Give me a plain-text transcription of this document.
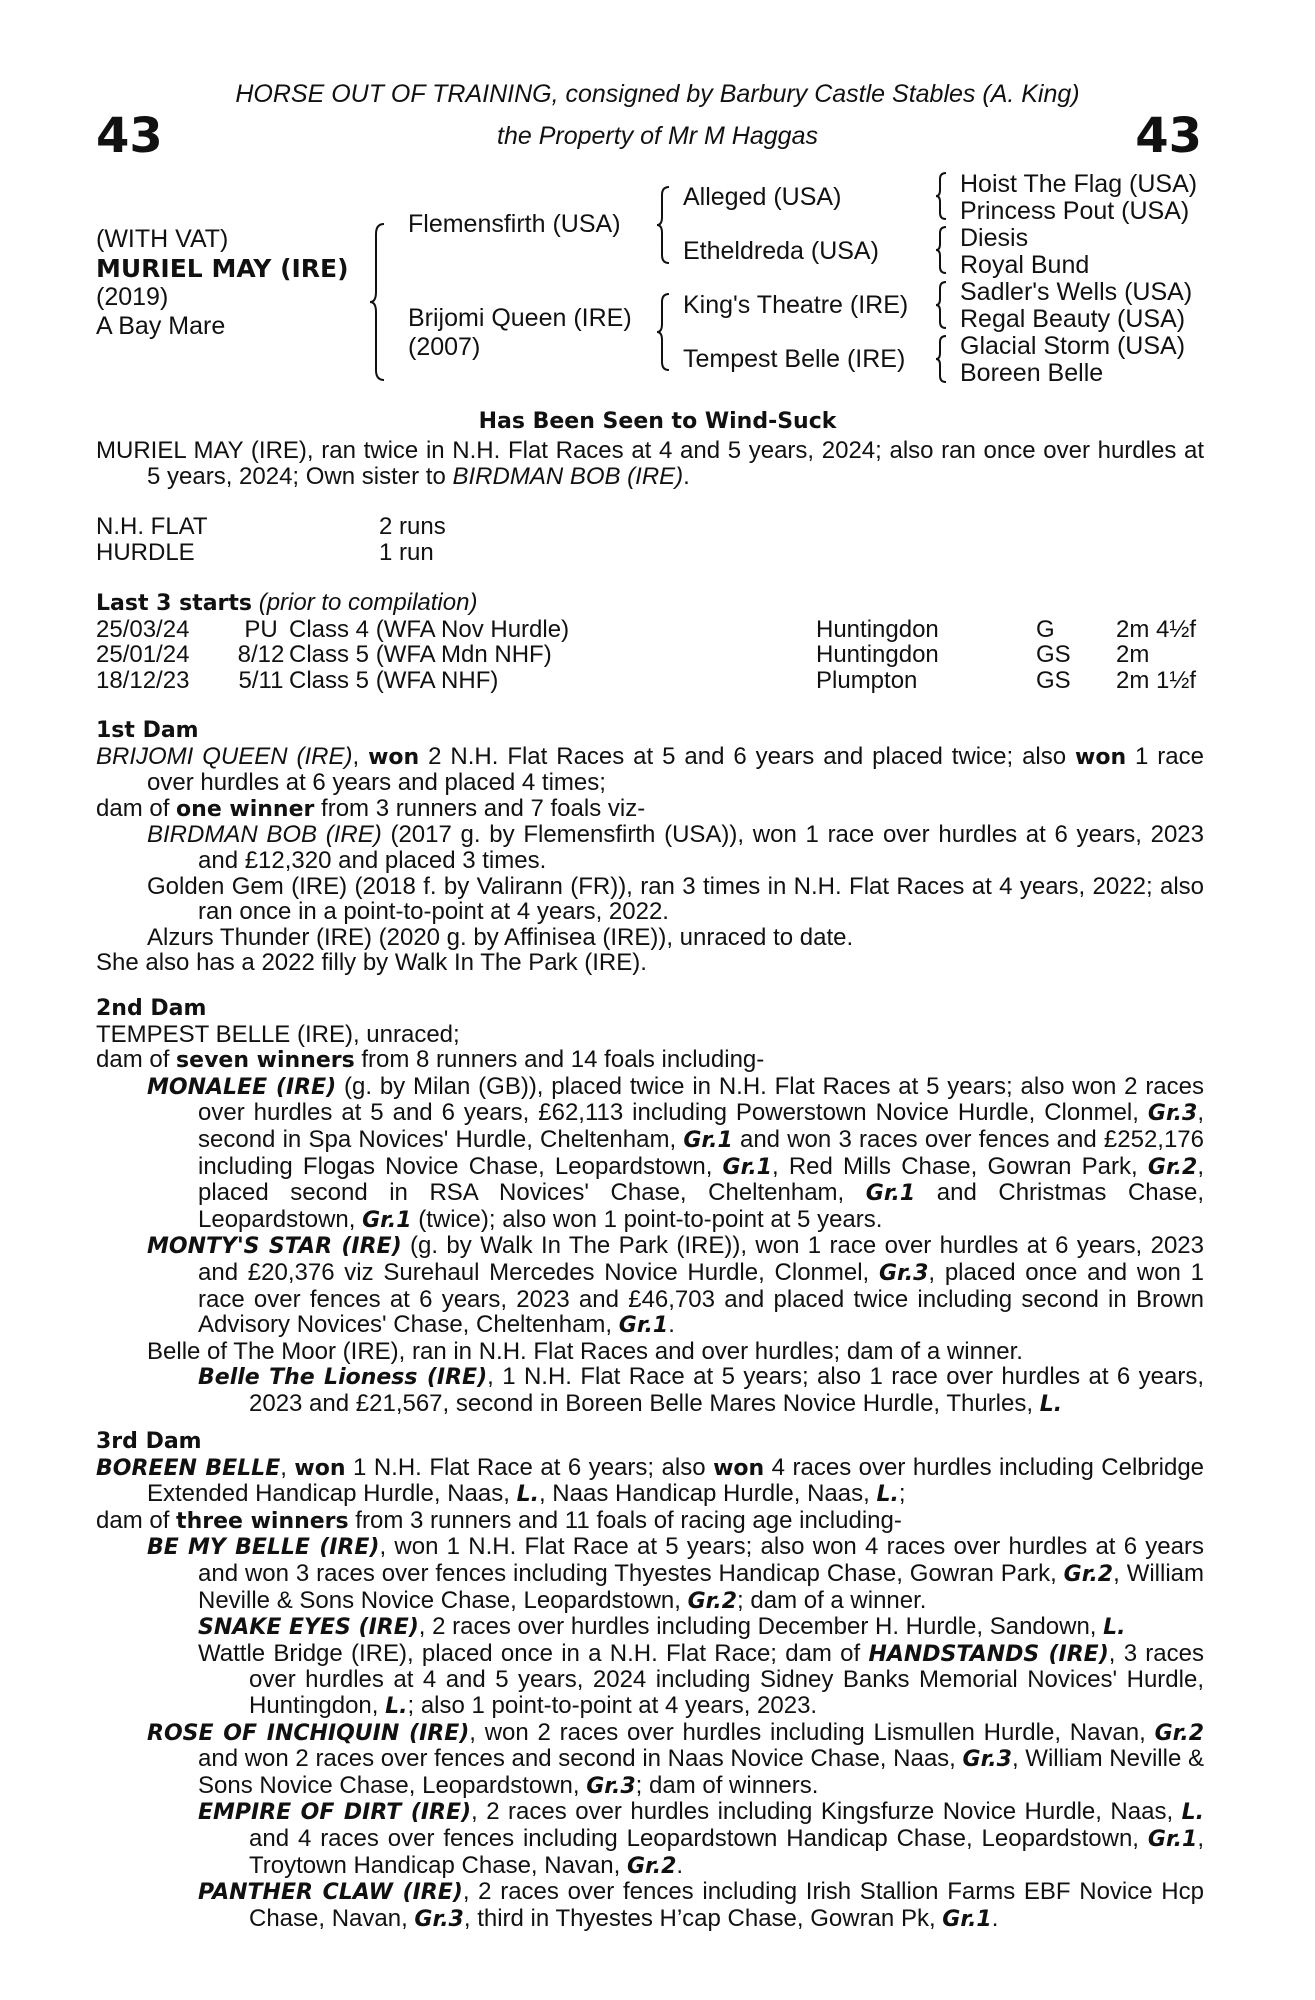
HORSE OUT OF TRAINING, consigned by Barbury Castle Stables (A. King)
the Property of Mr M Haggas
43	43
(WITH VAT)
MURIEL MAY (IRE)
(2019)
A Bay Mare
Flemensfirth (USA)
Brijomi Queen (IRE)
(2007)
Alleged (USA)
Etheldreda (USA)
King's Theatre (IRE)
Tempest Belle (IRE)
Hoist The Flag (USA)
Princess Pout (USA)
Diesis
Royal Bund
Sadler's Wells (USA)
Regal Beauty (USA)
Glacial Storm (USA)
Boreen Belle
Has Been Seen to Wind-Suck

MURIEL MAY (IRE), ran twice in N.H. Flat Races at 4 and 5 years, 2024; also ran once over hurdles at 5 years, 2024; Own sister to BIRDMAN BOB (IRE).

N.H. FLAT	2 runs
HURDLE	1 run
Last 3 starts (prior to compilation)
25/03/24	PU Class 4 (WFA Nov Hurdle)	Huntingdon	G	2m 4½f
25/01/24	8/12 Class 5 (WFA Mdn NHF)	Huntingdon	GS 2m
18/12/23	5/11 Class 5 (WFA NHF)	Plumpton	GS 2m 1½f

1st Dam

BRIJOMI QUEEN (IRE), won 2 N.H. Flat Races at 5 and 6 years and placed twice; also won 1 race over hurdles at 6 years and placed 4 times;

dam of one winner from 3 runners and 7 foals viz-

BIRDMAN BOB (IRE) (2017 g. by Flemensfirth (USA)), won 1 race over hurdles at 6 years, 2023 and £12,320 and placed 3 times.

Golden Gem (IRE) (2018 f. by Valirann (FR)), ran 3 times in N.H. Flat Races at 4 years, 2022; also ran once in a point-to-point at 4 years, 2022.

Alzurs Thunder (IRE) (2020 g. by Affinisea (IRE)), unraced to date.

She also has a 2022 filly by Walk In The Park (IRE).

2nd Dam

TEMPEST BELLE (IRE), unraced;

dam of seven winners from 8 runners and 14 foals including-

MONALEE (IRE) (g. by Milan (GB)), placed twice in N.H. Flat Races at 5 years; also won 2 races over hurdles at 5 and 6 years, £62,113 including Powerstown Novice Hurdle, Clonmel, Gr.3, second in Spa Novices' Hurdle, Cheltenham, Gr.1 and won 3 races over fences and £252,176 including Flogas Novice Chase, Leopardstown, Gr.1, Red Mills Chase, Gowran Park, Gr.2, placed second in RSA Novices' Chase, Cheltenham, Gr.1 and Christmas Chase, Leopardstown, Gr.1 (twice); also won 1 point-to-point at 5 years.

MONTY'S STAR (IRE) (g. by Walk In The Park (IRE)), won 1 race over hurdles at 6 years, 2023 and £20,376 viz Surehaul Mercedes Novice Hurdle, Clonmel, Gr.3, placed once and won 1 race over fences at 6 years, 2023 and £46,703 and placed twice including second in Brown Advisory Novices' Chase, Cheltenham, Gr.1.

Belle of The Moor (IRE), ran in N.H. Flat Races and over hurdles; dam of a winner.

Belle The Lioness (IRE), 1 N.H. Flat Race at 5 years; also 1 race over hurdles at 6 years, 2023 and £21,567, second in Boreen Belle Mares Novice Hurdle, Thurles, L.

3rd Dam

BOREEN BELLE, won 1 N.H. Flat Race at 6 years; also won 4 races over hurdles including Celbridge Extended Handicap Hurdle, Naas, L., Naas Handicap Hurdle, Naas, L.;

dam of three winners from 3 runners and 11 foals of racing age including-

BE MY BELLE (IRE), won 1 N.H. Flat Race at 5 years; also won 4 races over hurdles at 6 years and won 3 races over fences including Thyestes Handicap Chase, Gowran Park, Gr.2, William Neville & Sons Novice Chase, Leopardstown, Gr.2; dam of a winner.

SNAKE EYES (IRE), 2 races over hurdles including December H. Hurdle, Sandown, L.

Wattle Bridge (IRE), placed once in a N.H. Flat Race; dam of HANDSTANDS (IRE), 3 races over hurdles at 4 and 5 years, 2024 including Sidney Banks Memorial Novices' Hurdle, Huntingdon, L.; also 1 point-to-point at 4 years, 2023.

ROSE OF INCHIQUIN (IRE), won 2 races over hurdles including Lismullen Hurdle, Navan, Gr.2 and won 2 races over fences and second in Naas Novice Chase, Naas, Gr.3, William Neville & Sons Novice Chase, Leopardstown, Gr.3; dam of winners.

EMPIRE OF DIRT (IRE), 2 races over hurdles including Kingsfurze Novice Hurdle, Naas, L. and 4 races over fences including Leopardstown Handicap Chase, Leopardstown, Gr.1, Troytown Handicap Chase, Navan, Gr.2.

PANTHER CLAW (IRE), 2 races over fences including Irish Stallion Farms EBF Novice Hcp Chase, Navan, Gr.3, third in Thyestes H’cap Chase, Gowran Pk, Gr.1.
